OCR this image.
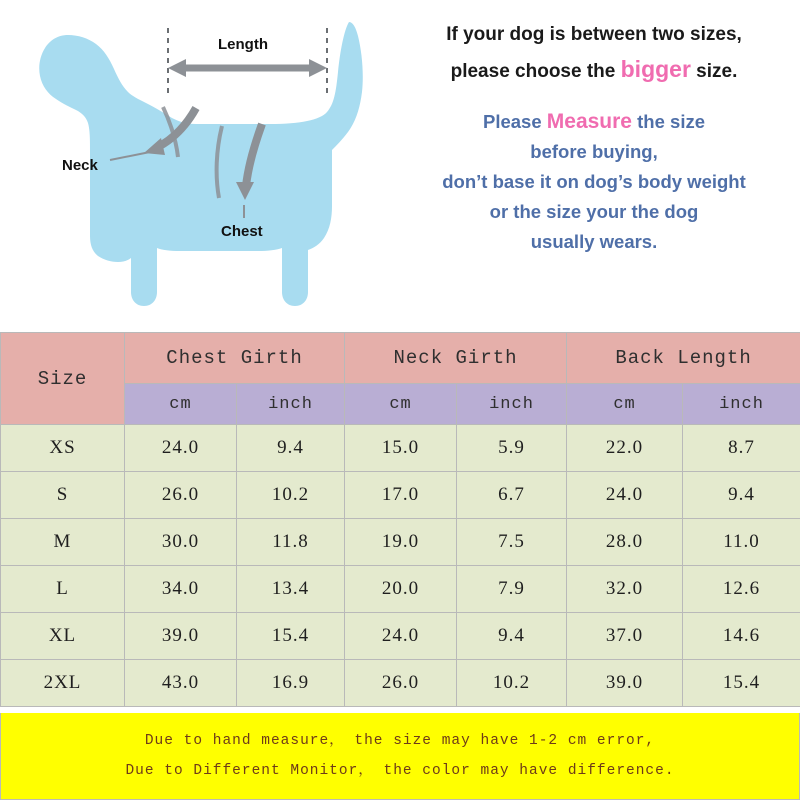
Length
Neck
Chest
If your dog is between two sizes,
please choose the bigger size.
Please Measure the size
before buying,
don’t base it on dog’s body weight
or the size your the dog
usually wears.
Size	Chest Girth		Neck Girth		Back Length	
	cm	inch	cm	inch	cm	inch
XS	24.0	9.4	15.0	5.9	22.0	8.7
S	26.0	10.2	17.0	6.7	24.0	9.4
M	30.0	11.8	19.0	7.5	28.0	11.0
L	34.0	13.4	20.0	7.9	32.0	12.6
XL	39.0	15.4	24.0	9.4	37.0	14.6
2XL	43.0	16.9	26.0	10.2	39.0	15.4
Due to hand measure， the size may have 1-2 cm error,
Due to Different Monitor， the color may have difference.
